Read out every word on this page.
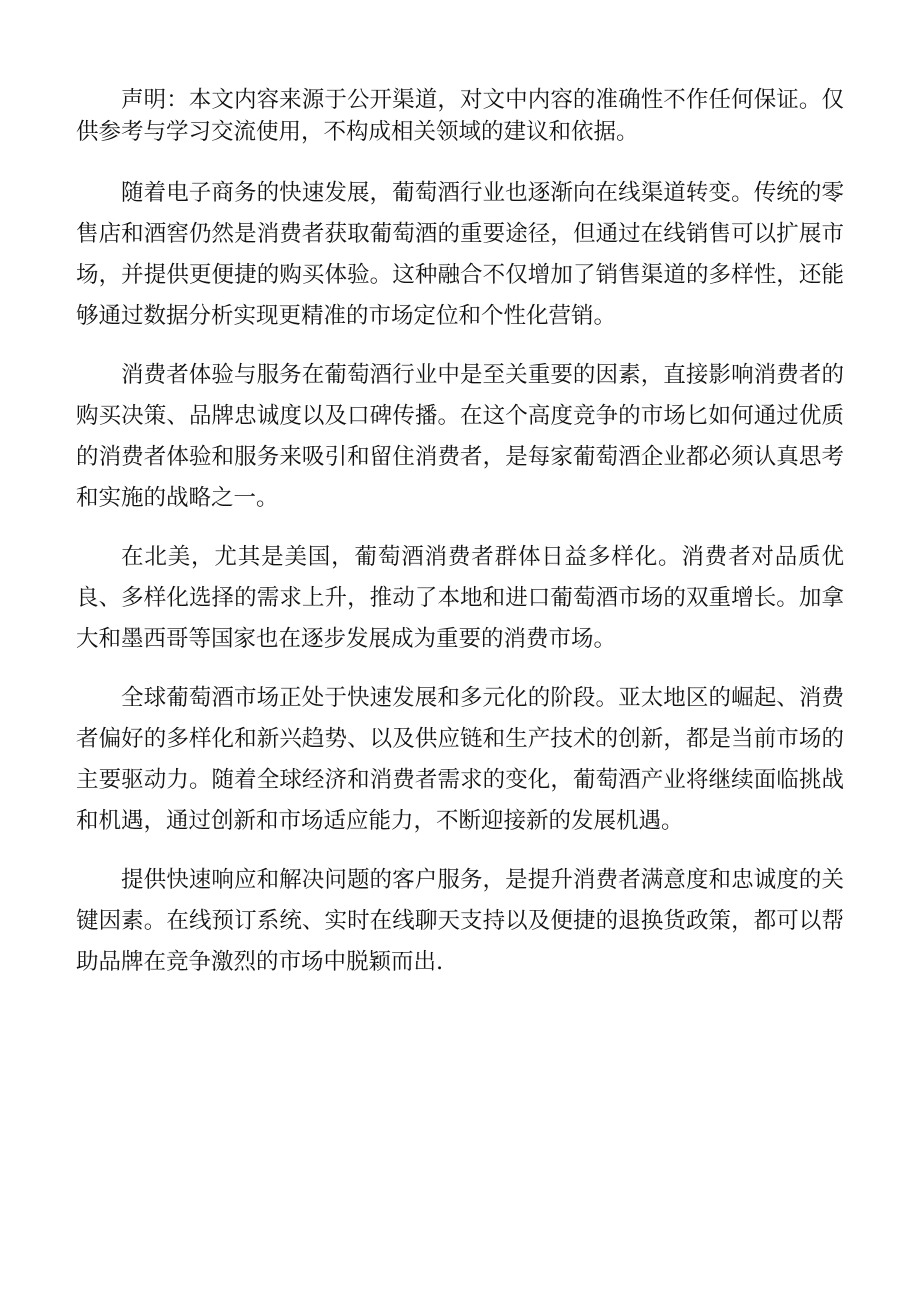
声明：本文内容来源于公开渠道，对文中内容的准确性不作任何保证。仅供参考与学习交流使用，不构成相关领域的建议和依据。

随着电子商务的快速发展，葡萄酒行业也逐渐向在线渠道转变。传统的零售店和酒窖仍然是消费者获取葡萄酒的重要途径，但通过在线销售可以扩展市场，并提供更便捷的购买体验。这种融合不仅增加了销售渠道的多样性，还能够通过数据分析实现更精准的市场定位和个性化营销。

消费者体验与服务在葡萄酒行业中是至关重要的因素，直接影响消费者的购买决策、品牌忠诚度以及口碑传播。在这个高度竞争的市场匕如何通过优质的消费者体验和服务来吸引和留住消费者，是每家葡萄酒企业都必须认真思考和实施的战略之一。

在北美，尤其是美国，葡萄酒消费者群体日益多样化。消费者对品质优良、多样化选择的需求上升，推动了本地和进口葡萄酒市场的双重增长。加拿大和墨西哥等国家也在逐步发展成为重要的消费市场。

全球葡萄酒市场正处于快速发展和多元化的阶段。亚太地区的崛起、消费者偏好的多样化和新兴趋势、以及供应链和生产技术的创新，都是当前市场的主要驱动力。随着全球经济和消费者需求的变化，葡萄酒产业将继续面临挑战和机遇，通过创新和市场适应能力，不断迎接新的发展机遇。

提供快速响应和解决问题的客户服务，是提升消费者满意度和忠诚度的关键因素。在线预订系统、实时在线聊天支持以及便捷的退换货政策，都可以帮助品牌在竞争激烈的市场中脱颖而出.
